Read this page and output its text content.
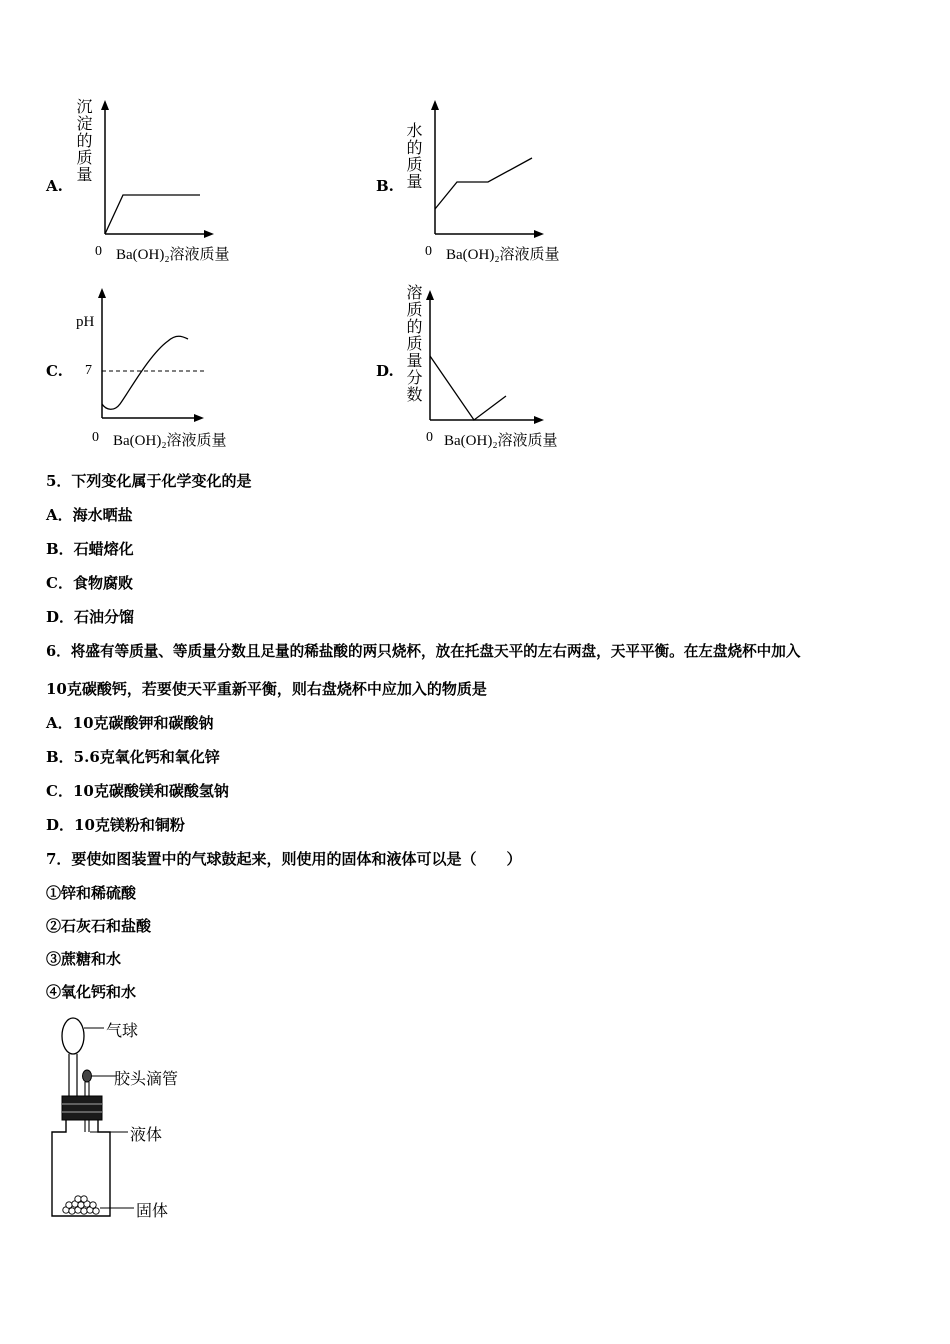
A.
沉淀的质量
0 Ba(OH)₂溶液质量
B. 水的质量
0 Ba(OH)₂溶液质量
C.
pH
7
0 Ba(OH)₂溶液质量
D. 溶质的质量分数
0 Ba(OH)₂溶液质量
5．下列变化属于化学变化的是
A．海水晒盐
B．石蜡熔化
C．食物腐败
D．石油分馏
6．将盛有等质量、等质量分数且足量的稀盐酸的两只烧杯，放在托盘天平的左右两盘，天平平衡。在左盘烧杯中加入
10克碳酸钙，若要使天平重新平衡，则右盘烧杯中应加入的物质是
A．10克碳酸钾和碳酸钠
B．5.6克氧化钙和氧化锌
C．10克碳酸镁和碳酸氢钠
D．10克镁粉和铜粉
7．要使如图装置中的气球鼓起来，则使用的固体和液体可以是（　　）
①锌和稀硫酸
②石灰石和盐酸
③蔗糖和水
④氧化钙和水
气球
胶头滴管
液体
固体
